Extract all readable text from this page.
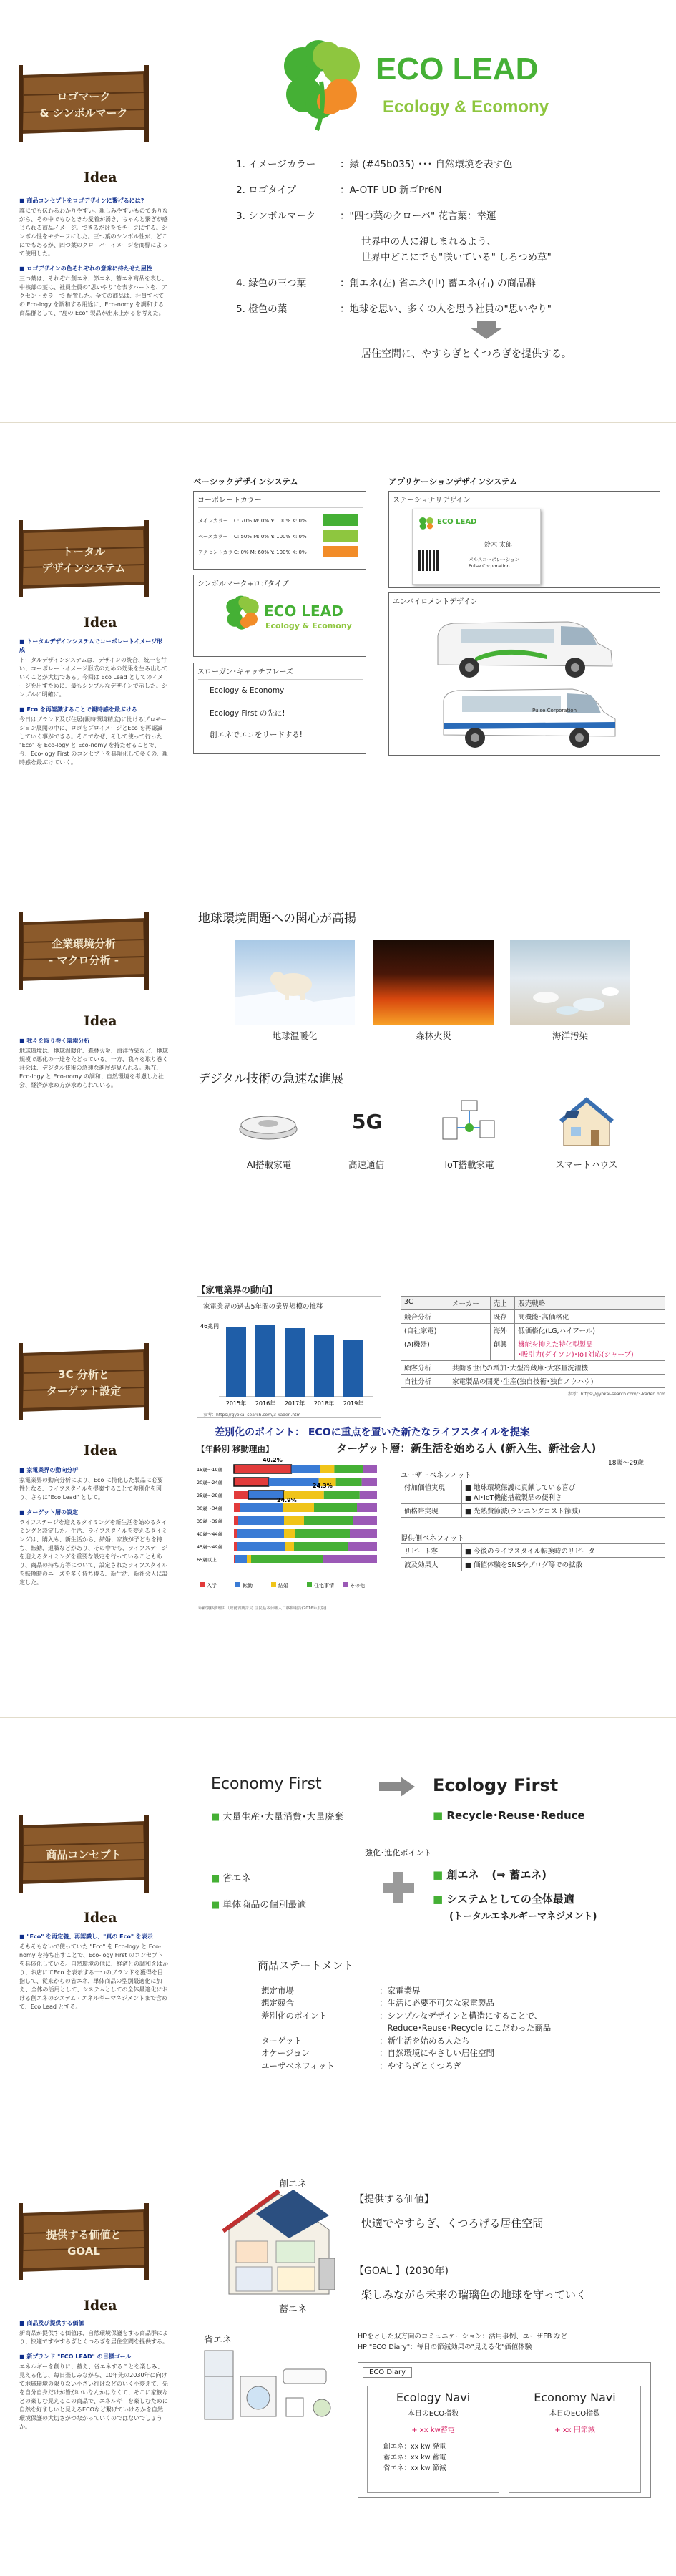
ロゴマーク
& シンボルマーク
Idea
■ 商品コンセプトをロゴデザインに繋げるには?
誰にでも伝わるわかりやすい。親しみやすいものでありながら、その中でもひときわ愛着が湧き、ちゃんと繋ぎが感じられる商品イメージ。できるだけをモチーフにする。シンボル性をモチーフにした。三つ葉のシンボル性が、どこにでもあるが、四つ葉のクローバーイメージを商標によって使用した。
■ ロゴデザインの色それぞれの意味に持たせた屋性
三つ葉は、それぞれ創エネ、節エネ、蓄エネ商品を表し、中核部の葉は、社員全員の"思いやり"を表すハートを、アクセントカラーで 配置した。全ての商品は、社員すべての Eco-logy を調和する用途に、Eco-nomy を調和する商品群として、"島の Eco" 製品が出来上がるを考えた。
ECO LEAD
Ecology & Ecomony
1. イメージカラー ：緑 (#45b035) ･･･ 自然環境を表す色
2. ロゴタイプ	：A-OTF UD 新ゴPr6N
3. シンボルマーク ："四つ葉のクローバ" 花言葉：幸運
世界中の人に親しまれるよう、
世界中どこにでも"咲いている" しろつめ草"
4. 緑色の三つ葉	：創エネ(左) 省エネ(中) 蓄エネ(右) の商品群
5. 橙色の葉	：地球を思い、多くの人を思う社員の"思いやり"
居住空間に、やすらぎとくつろぎを提供する。
トータル
デザインシステム
Idea
■ トータルデザインシステムでコーポレートイメージ形成
トータルデザインシステムは、デザインの統合、統一を行い、コーポレートイメージ形成のための効果を生み出していくことが大切である。今回は Eco Lead としてのイメージを出すために、最もシンプルなデザインで示した。シンプルに明確に。
■ Eco を再認識することで親時感を最ぶける
今日はブランド及び住居(親時環境精度)に比けるプロモーション展開の中に、ロゴをプロイメージとEco を再認識していく事ができる。そこでなぜ、そして使って行った "Eco" を Eco-logy と Eco-nomy を持たせることで、今、Eco-logy First のコンセプトを具現化して多くの、親時感を最ぶけていく。
ベーシックデザインシステム	アプリケーションデザインシステム
コーポレートカラー
メインカラー C: 70% M: 0% Y: 100% K: 0%
ベースカラー C: 50% M: 0% Y: 100% K: 0%
アクセントカラー
C: 0% M: 60% Y: 100% K: 0%
シンボルマーク+ロゴタイプ
ECO LEAD
Ecology & Ecomony
スローガン･キャッチフレーズ
Ecology & Economy
Ecology First の先に!
創エネでエコをリードする!
ステーショナリデザイン
ECO LEAD
鈴木 太郎
パルスコーポレーション
Pulse Corporation
エンバイロメントデザイン
Pulse Corporation
企業環境分析
- マクロ分析 -
Idea
■ 我々を取り巻く環境分析
地球環境は、地球温暖化、森林火災、海洋汚染など、地球規模で悪化の一途をたどっている。一方、我々を取り巻く社会は、デジタル技術の急速な進展が見られる。現在、Eco-logy と Eco-nomy の調和、自然環境を考慮した社会、経済が求め方が求められている。
地球環境問題への関心が高揚
地球温暖化	森林火災	海洋汚染
デジタル技術の急速な進展
5G
AI搭載家電	高速通信	IoT搭載家電	スマートハウス
3C 分析と
ターゲット設定
Idea
■ 家電業界の動向分析
家電業界の動向分析により、Eco に特化した製品に必要性となる、ライフスタイルを提案することで差別化を図り、さらに"Eco Lead" として。
■ ターゲット層の設定
ライフステージを迎えるタイミングを新生活を始めるタイミングと設定した。生活、ライフスタイルを変えるタイミングは、購入も、新生活から、結婚、家族が子どもを持ち、転勤、退職などがあり、その中でも、ライフステージを迎えるタイミングを重要な設定を行っていることもあり、商品の持ち方等について、設定されたライフスタイルを転換時のニーズを多く持ち得る、新生活、新社会人に設定した。
【家電業界の動向】
家電業界の過去5年間の業界規模の推移
46兆円
2015年 2016年 2017年 2018年 2019年
参考：https://gyokai-search.com/3-kaden.htm
3C	メーカー	売上	販売戦略
競合分析		既存	高機能･高価格化
(自社家電)		海外	低価格化(LG,ハイアール)
(AI機器)		創興	機能を抑えた特化型製品
･吸引力(ダイソン)･IoT対応(シャープ)
顧客分析	共働き世代の増加･大型冷蔵庫･大容量洗濯機		
自社分析	家電製品の開発･生産(独自技術･独自ノウハウ)		
参考：https://gyokai-search.com/3-kaden.htm
差別化のポイント： ECOに重点を置いた新たなライフスタイルを提案
【年齢別 移動理由】	ターゲット層：新生活を始める人 (新入生、新社会人)
15歳～19歳
20歳～24歳
25歳～29歳
30歳～34歳
35歳～39歳
40歳～44歳
45歳～49歳
65歳以上
40.2%
24.3%
24.9%
入学	転勤	結婚	住宅事情	その他
年齢別移動理由（総務省統計局 住民基本台帳人口移動報告(2016年度版)
18歳～29歳
ユーザーベネフィット
付加価値実現	■ 地球環境保護に貢献している喜び
■ AI･IoT機能搭載製品の便利さ
価格帯実現	■ 光熱費節減(ランニングコスト節減)
提供側ベネフィット
リピート客	■ 今後のライフスタイル転換時のリピータ
波及効果大	■ 価値体験をSNSやブログ等での拡散
商品コンセプト
Idea
■ "Eco" を再定義、再認識し、"真の Eco" を表示
そもそもないで使っていた "Eco" を Eco-logy と Eco-nomy を持ち出すことで、Eco-logy First のコンセプトを具体化している。自然環境の他に、経済との調和をはかり、お店にてEco を表示する一つのブランドを獲得を目指して、従来からの省エネ、単体商品の型別最適化に加え、全体の活用として、システムとしての全体最適化における創エネのシステム・エネルギーマネジメントまで含めて、Eco Lead とする。
Economy First	Ecology First
■ 大量生産･大量消費･大量廃棄	■ Recycle･Reuse･Reduce
強化･進化ポイント
■ 省エネ
■ 単体商品の個別最適
■ 創エネ (⇒ 蓄エネ)
■ システムとしての全体最適
(トータルエネルギーマネジメント)
商品ステートメント
想定市場	：家電業界
想定競合	：生活に必要不可欠な家電製品
差別化のポイント	：シンプルなデザインと構造にすることで、
　Reduce･Reuse･Recycle にこだわった商品
ターゲット	：新生活を始める人たち
オケージョン	：自然環境にやさしい居住空間
ユーザベネフィット	：やすらぎとくつろぎ
提供する価値と
GOAL
Idea
■ 商品及び提供する価値
新商品が提供する価値は、自然環境保護をする商品群により、快適ですやすらぎとくつろぎを居住空間を提供する。
■ 新ブランド "ECO LEAD" の目標ゴール
エネルギーを創りに、蓄え、省エネすることを楽しみ、見える化し、毎日楽しみながら、10年先の2030年に向けて地球環境の限りない小さい行けなどのいく小変えて、先を自分自身だけが皆がいいなんかはなくて、そこに家族などの楽しむ見えるこの商品で、エネルギーを楽しむために自然を好ましいと見えるECOなど繋げていけるかを自然環境保護の大切さがつながっていくのではないでしょうか。
創エネ
蓄エネ
省エネ
【提供する価値】
快適でやすらぎ、くつろげる居住空間
【GOAL 】(2030年)
楽しみながら未来の瑠璃色の地球を守っていく
HPをとした双方向のコミュニケーション：活用事例、ユーザFB など
HP "ECO Diary"：毎日の節減効果の"見える化"価値体験
ECO Diary
Ecology Navi
本日のECO指数
+ xx kw蓄電
創エネ：xx kw 発電
蓄エネ：xx kw 蓄電
省エネ：xx kw 節減
Economy Navi
本日のECO指数
+ xx 円節減
